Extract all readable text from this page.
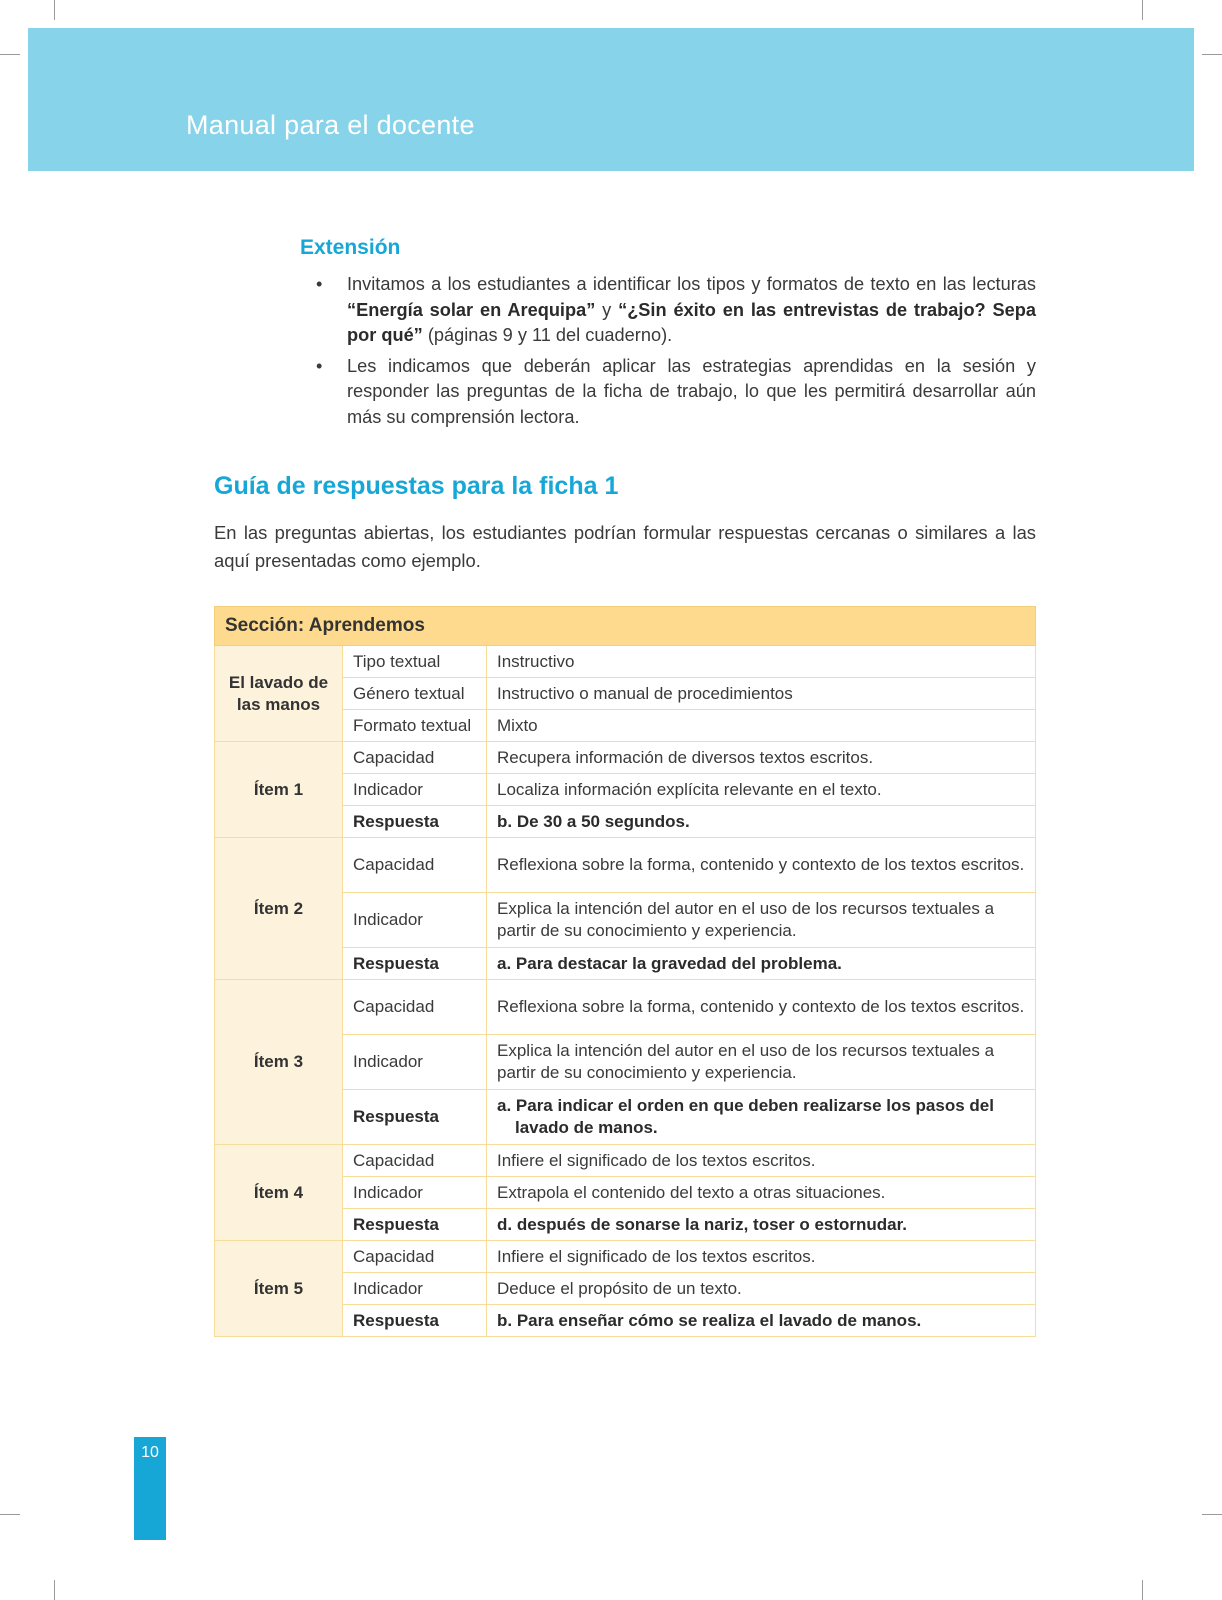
Manual para el docente
Extensión
• Invitamos a los estudiantes a identificar los tipos y formatos de texto en las lecturas “Energía solar en Arequipa” y “¿Sin éxito en las entrevistas de trabajo? Sepa por qué” (páginas 9 y 11 del cuaderno).
• Les indicamos que deberán aplicar las estrategias aprendidas en la sesión y responder las preguntas de la ficha de trabajo, lo que les permitirá desarrollar aún más su comprensión lectora.
Guía de respuestas para la ficha 1
En las preguntas abiertas, los estudiantes podrían formular respuestas cercanas o similares a las aquí presentadas como ejemplo.
Sección: Aprendemos		
El lavado de las manos	Tipo textual	Instructivo
	Género textual	Instructivo o manual de procedimientos
	Formato textual	Mixto
Ítem 1	Capacidad	Recupera información de diversos textos escritos.
	Indicador	Localiza información explícita relevante en el texto.
	Respuesta	b. De 30 a 50 segundos.
Ítem 2	Capacidad	Reflexiona sobre la forma, contenido y contexto de los textos escritos.
	Indicador	Explica la intención del autor en el uso de los recursos textuales a partir de su conocimiento y experiencia.
	Respuesta	a. Para destacar la gravedad del problema.
Ítem 3	Capacidad	Reflexiona sobre la forma, contenido y contexto de los textos escritos.
	Indicador	Explica la intención del autor en el uso de los recursos textuales a partir de su conocimiento y experiencia.
	Respuesta	a. Para indicar el orden en que deben realizarse los pasos del
lavado de manos.
Ítem 4	Capacidad	Infiere el significado de los textos escritos.
	Indicador	Extrapola el contenido del texto a otras situaciones.
	Respuesta	d. después de sonarse la nariz, toser o estornudar.
Ítem 5	Capacidad	Infiere el significado de los textos escritos.
	Indicador	Deduce el propósito de un texto.
	Respuesta	b. Para enseñar cómo se realiza el lavado de manos.
10
